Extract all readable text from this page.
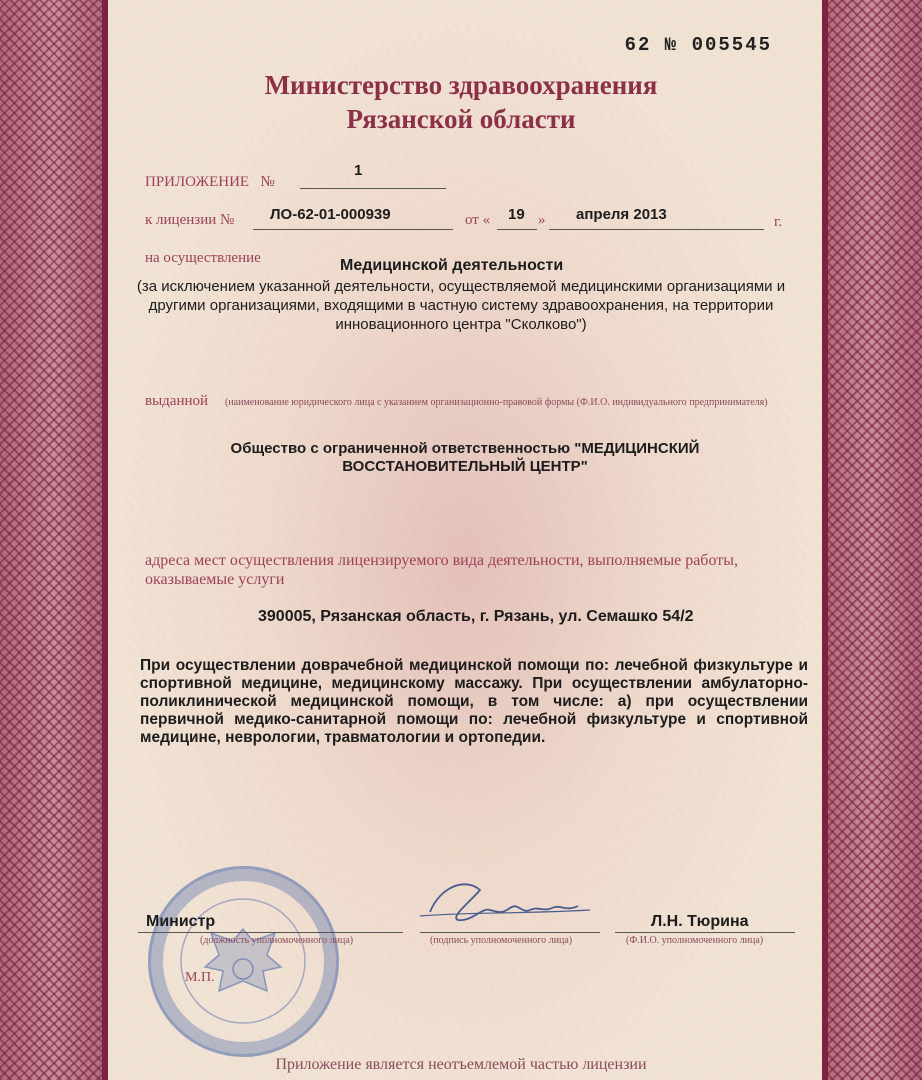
62 № 005545
Министерство здравоохранения
Рязанской области
ПРИЛОЖЕНИЕ   №
1
к лицензии № ЛО-62-01-000939	от « 19 » апреля 2013	г.
на осуществление	Медицинской деятельности
(за исключением указанной деятельности, осуществляемой медицинскими организациями и другими организациями, входящими в частную систему здравоохранения, на территории инновационного центра "Сколково")
выданной (наименование юридического лица с указанием организационно-правовой формы (Ф.И.О. индивидуального предпринимателя)
Общество с ограниченной ответственностью "МЕДИЦИНСКИЙ ВОССТАНОВИТЕЛЬНЫЙ ЦЕНТР"
адреса мест осуществления лицензируемого вида деятельности, выполняемые работы, оказываемые услуги
390005, Рязанская область, г. Рязань, ул. Семашко 54/2
При осуществлении доврачебной медицинской помощи по: лечебной физкультуре и спортивной медицине, медицинскому массажу. При осуществлении амбулаторно-поликлинической медицинской помощи, в том числе: а) при осуществлении первичной медико-санитарной помощи по: лечебной физкультуре и спортивной медицине, неврологии, травматологии и ортопедии.
Министр
(должность уполномоченного лица)	(подпись уполномоченного лица)
Л.Н. Тюрина
(Ф.И.О. уполномоченного лица)
М.П.
Приложение является неотъемлемой частью лицензии
